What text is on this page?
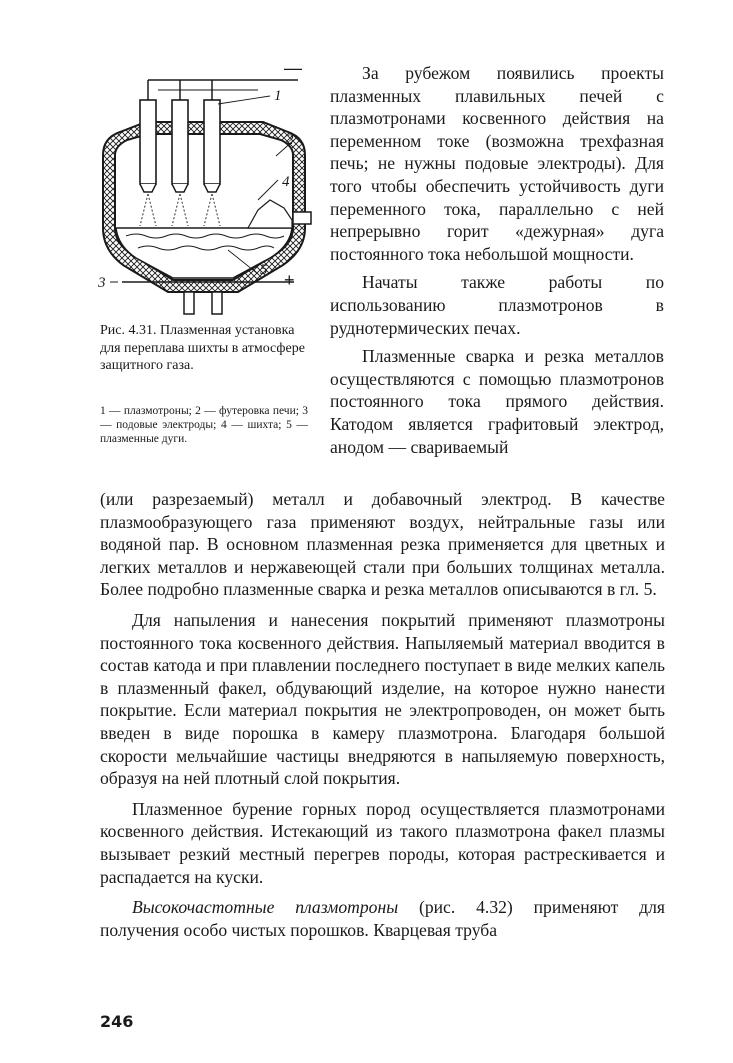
—
1
2
4
5 +
3
Рис. 4.31. Плазменная установка для переплава шихты в атмосфере защитного газа.
1 — плазмотроны; 2 — футеровка печи; 3 — подовые электроды; 4 — шихта; 5 — плазменные дуги.

За рубежом появились проекты плазменных плавильных печей с плазмотронами косвенного действия на переменном токе (возможна трехфазная печь; не нужны подовые электроды). Для того чтобы обеспечить устойчивость дуги переменного тока, параллельно с ней непрерывно горит «дежурная» дуга постоянного тока небольшой мощности.

Начаты также работы по использованию плазмотронов в руднотермических печах.

Плазменные сварка и резка металлов осуществляются с помощью плазмотронов постоянного тока прямого действия. Катодом является графитовый электрод, анодом — свариваемый

(или разрезаемый) металл и добавочный электрод. В качестве плазмообразующего газа применяют воздух, нейтральные газы или водяной пар. В основном плазменная резка применяется для цветных и легких металлов и нержавеющей стали при больших толщинах металла. Более подробно плазменные сварка и резка металлов описываются в гл. 5.

Для напыления и нанесения покрытий применяют плазмотроны постоянного тока косвенного действия. Напыляемый материал вводится в состав катода и при плавлении последнего поступает в виде мелких капель в плазменный факел, обдувающий изделие, на которое нужно нанести покрытие. Если материал покрытия не электропроводен, он может быть введен в виде порошка в камеру плазмотрона. Благодаря большой скорости мельчайшие частицы внедряются в напыляемую поверхность, образуя на ней плотный слой покрытия.

Плазменное бурение горных пород осуществляется плазмотронами косвенного действия. Истекающий из такого плазмотрона факел плазмы вызывает резкий местный перегрев породы, которая растрескивается и распадается на куски.

Высокочастотные плазмотроны (рис. 4.32) применяют для получения особо чистых порошков. Кварцевая труба

246
